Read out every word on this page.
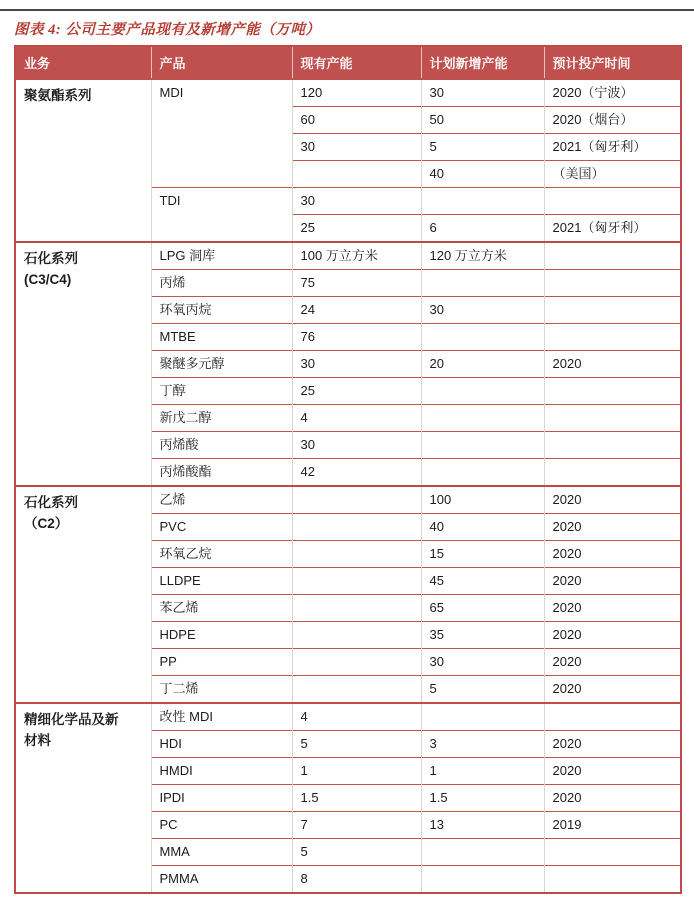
图表 4: 公司主要产品现有及新增产能（万吨）
业务	产品	现有产能	计划新增产能	预计投产时间

聚氨酯系列	MDI	120	30	2020（宁波）
		60	50	2020（烟台）
		30	5	2021（匈牙利）
			40	（美国）
	TDI	30		
		25	6	2021（匈牙利）

石化系列
(C3/C4)	LPG 洞库	100 万立方米	120 万立方米	
	丙烯	75		
	环氧丙烷	24	30	
	MTBE	76		
	聚醚多元醇	30	20	2020
	丁醇	25		
	新戊二醇	4		
	丙烯酸	30		
	丙烯酸酯	42		

石化系列
（C2）	乙烯		100	2020
	PVC		40	2020
	环氧乙烷		15	2020
	LLDPE		45	2020
	苯乙烯		65	2020
	HDPE		35	2020
	PP		30	2020
	丁二烯		5	2020

精细化学品及新
材料	改性 MDI	4		
	HDI	5	3	2020
	HMDI	1	1	2020
	IPDI	1.5	1.5	2020
	PC	7	13	2019
	MMA	5		
	PMMA	8		
